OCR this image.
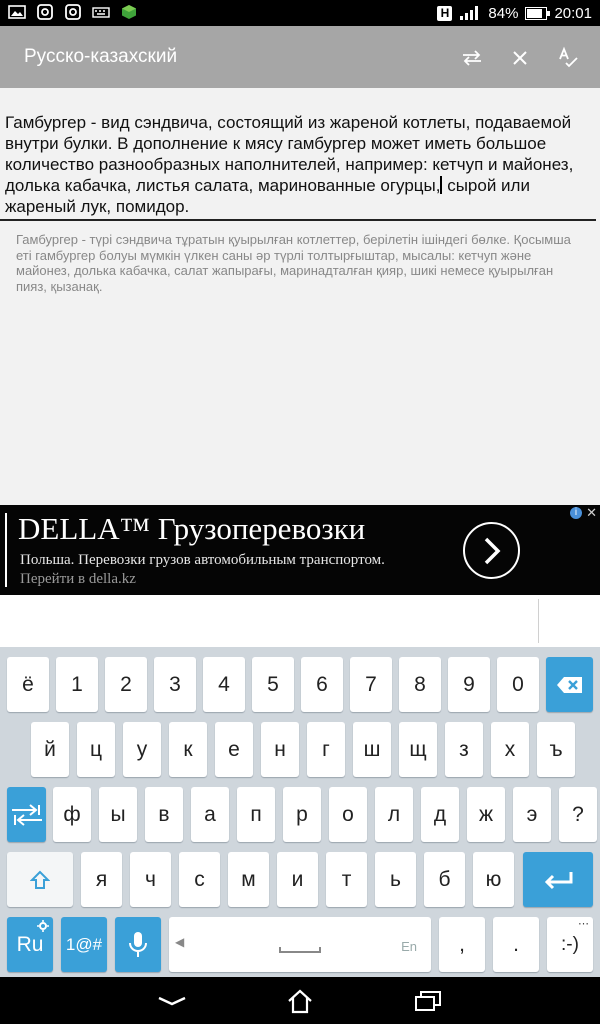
H	84% 20:01
Русско-казахский
Гамбургер - вид сэндвича, состоящий из жареной котлеты, подаваемой внутри булки. В дополнение к мясу гамбургер может иметь большое количество разнообразных наполнителей, например: кетчуп и майонез, долька кабачка, листья салата, маринованные огурцы, сырой или жареный лук, помидор.
Гамбургер - түрі сэндвича тұратын қуырылған котлеттер, берілетін ішіндегі бөлке. Қосымша еті гамбургер болуы мүмкін үлкен саны әр түрлі толтырғыштар, мысалы: кетчуп және майонез, долька кабачка, салат жапырағы, маринадталған қияр, шикі немесе қуырылған пияз, қызанақ.
DELLA™ Грузоперевозки
Польша. Перевозки грузов автомобильным транспортом. Перейти в della.kz
i ✕
ё	1	2	3	4	5	6	7	8	9	0
й	ц	у	к	е	н	г	ш	щ	з	х	ъ
ф	ы	в	а	п	р	о	л	д	ж	э	?
я	ч	с	м	и	т	ь	б	ю
Ru 1@#	◀	En	,	.	:-)
⋯
